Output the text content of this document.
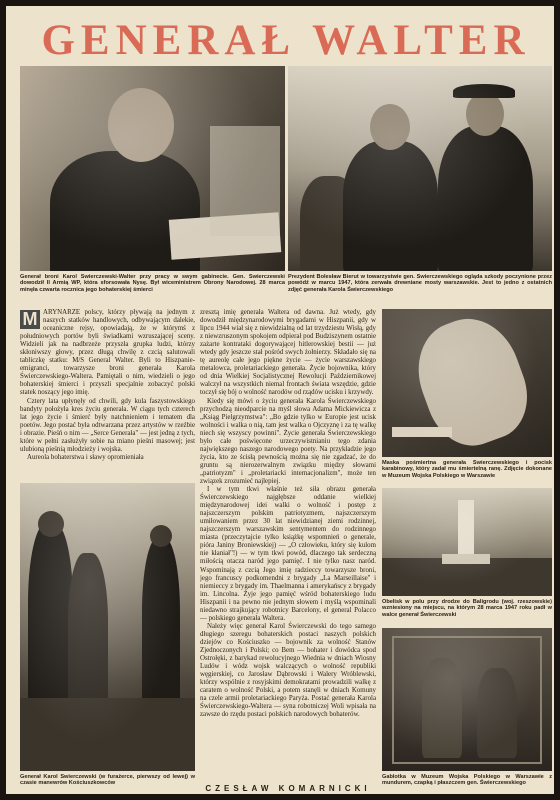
GENERAŁ WALTER
Generał broni Karol Świerczewski-Walter przy pracy w swym gabinecie. Gen. Świerczewski dowodził II Armią WP, która sforsowała Nysę. Był wiceministrem Obrony Narodowej. 28 marca minęła czwarta rocznica jego bohaterskiej śmierci
Prezydent Bolesław Bierut w towarzystwie gen. Świerczewskiego ogląda szkody poczynione przez powódź w marcu 1947, która zerwała drewniane mosty warszawskie. Jest to jedno z ostatnich zdjęć generała Karola Świerczewskiego
M ARYNARZE polscy, którzy pływają na jednym z naszych statków handlowych, odbywającym dalekie, oceaniczne rejsy, opowiadają, że w którymś z południowych portów byli świadkami wzruszającej sceny. Widzieli jak na nadbrzeże przyszła grupka ludzi, którzy skłoniwszy głowy, przez długą chwilę z czcią salutowali tabliczkę statku: M/S General Walter. Byli to Hiszpanie-emigranci, towarzysze broni generała Karola Świerczewskiego-Waltera. Pamiętali o nim, wiedzieli o jego bohaterskiej śmierci i przyszli specjalnie zobaczyć polski statek noszący jego imię.

Cztery lata upłynęły od chwili, gdy kula faszystowskiego bandyty położyła kres życiu generała. W ciągu tych czterech lat jego życie i śmierć były natchnieniem i tematem dla poetów. Jego postać była odtwarzana przez artystów w rzeźbie i obrazie. Pieśń o nim — „Serce Generała" — jest jedną z tych, które w pełni zasłużyły sobie na miano pieśni masowej; jest ulubioną pieśnią młodzieży i wojska.

Aureola bohaterstwa i sławy opromieniała

zresztą imię generała Waltera od dawna. Już wtedy, gdy dowodził międzynarodowymi brygadami w Hiszpanii, gdy w lipcu 1944 wiał się z niewidzialną od lat trzydziestu Wisłą, gdy z niewzruszonym spokojem odpierał pod Budziszynem ostatnie zażarte kontrataki dogorywającej hitlerowskiej bestii — już wtedy gdy jeszcze stał pośród swych żołnierzy. Składało się na tę aureolę całe jego piękne życie — życie warszawskiego metalowca, proletariackiego generała. Życie bojownika, który od dnia Wielkiej Socjalistycznej Rewolucji Październikowej walczył na wszystkich niemal frontach świata wszędzie, gdzie toczył się bój o wolność narodów od rządów ucisku i krzywdy.

Kiedy się mówi o życiu generała Karola Świerczewskiego przychodzą nieodparcie na myśl słowa Adama Mickiewicza z „Ksiąg Pielgrzymstwa": „Bo gdzie tylko w Europie jest ucisk wolności i walka o nią, tam jest walka o Ojczyznę i za tę walkę niech się wszyscy powinni". Życie generała Świerczewskiego było całe poświęcone urzeczywistnianiu tego zdania największego naszego narodowego poety. Na przykładzie jego życia, kto ze ścisłą pewnością można się nie zgadzać, że do gruntu są nierozerwalnym związku między słowami „patriotyzm" i „proletariacki internacjonalizm", może ten związek zrozumieć najlepiej.

I w tym tkwi właśnie też siła obrazu generała Świerczewskiego najgłębsze oddanie wielkiej międzynarodowej idei walki o wolność i postęp z najszczerszym polskim patriotyzmem, najszczerszym umiłowaniem przez 30 lat niewidzianej ziemi rodzinnej, najszczerszym warszawskim sentymentem do rodzinnego miasta (przeczytajcie tylko książkę wspomnień o generale, pióra Janiny Broniewskiej) — „O człowieku, który się kulom nie kłaniał"!) — w tym tkwi powód, dlaczego tak serdeczną miłością otacza naród jego pamięć. I nie tylko nasz naród. Wspominają z czcią Jego imię radzieccy towarzysze broni, jego francuscy podkomendni z brygady „La Marseillaise" i niemieccy z brygady im. Thaelmanna i amerykańscy z brygady im. Lincolna. Żyje jego pamięć wśród bohaterskiego ludu Hiszpanii i na pewno nie jednym słowem i myślą wspominali niedawno strajkujący robotnicy Barcelony, el general Polacco — polskiego generała Waltera.

Należy więc generał Karol Świerczewski do tego samego długiego szeregu bohaterskich postaci naszych polskich dziejów co Kościuszko — bojownik za wolność Stanów Zjednoczonych i Polski; co Bem — bohater i dowódca spod Ostrołęki, z barykad rewolucyjnego Wiednia w dniach Wiosny Ludów i wódz wojsk walczących o wolność republiki węgierskiej, co Jarosław Dąbrowski i Walery Wróblewski, którzy wspólnie z rosyjskimi demokratami prowadzili walkę z caratem o wolność Polski, a potem stanęli w dniach Komuny na czele armii proletariackiego Paryża. Postać generała Karola Świerczewskiego-Waltera — syna robotniczej Woli wpisała na zawsze do rzędu postaci polskich narodowych bohaterów.

Generał Karol Świerczewski (w furażerce, pierwszy od lewej) w czasie manewrów Kościuszkowców
Maska pośmiertna generała Świerczewskiego i pocisk karabinowy, który zadał mu śmiertelną ranę. Zdjęcie dokonane w Muzeum Wojska Polskiego w Warszawie
Obelisk w polu przy drodze do Baligrodu (woj. rzeszowskie) wzniesiony na miejscu, na którym 28 marca 1947 roku padł w walce generał Świerczewski
Gablotka w Muzeum Wojska Polskiego w Warszawie z mundurem, czapką i płaszczem gen. Świerczewskiego
CZESŁAW KOMARNICKI
